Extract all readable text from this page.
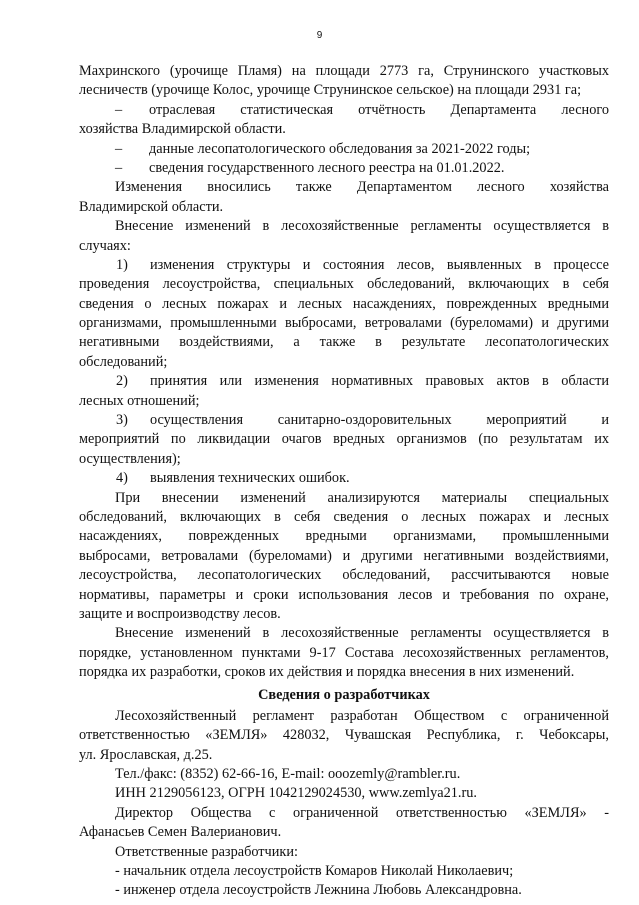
9
Махринского (урочище Пламя) на площади 2773 га, Струнинского участковых
лесничеств (урочище Колос, урочище Струнинское сельское) на площади 2931 га;
– отраслевая статистическая отчётность Департамента лесного
хозяйства Владимирской области.
– данные лесопатологического обследования за 2021-2022 годы;
– сведения государственного лесного реестра на 01.01.2022.
Изменения вносились также Департаментом лесного хозяйства
Владимирской области.
Внесение изменений в лесохозяйственные регламенты осуществляется в
случаях:
1) изменения структуры и состояния лесов, выявленных в процессе
проведения лесоустройства, специальных обследований, включающих в себя
сведения о лесных пожарах и лесных насаждениях, поврежденных вредными
организмами, промышленными выбросами, ветровалами (буреломами) и другими
негативными воздействиями, а также в результате лесопатологических
обследований;
2) принятия или изменения нормативных правовых актов в области
лесных отношений;
3) осуществления санитарно-оздоровительных мероприятий и
мероприятий по ликвидации очагов вредных организмов (по результатам их
осуществления);
4) выявления технических ошибок.
При внесении изменений анализируются материалы специальных
обследований, включающих в себя сведения о лесных пожарах и лесных
насаждениях, поврежденных вредными организмами, промышленными
выбросами, ветровалами (буреломами) и другими негативными воздействиями,
лесоустройства, лесопатологических обследований, рассчитываются новые
нормативы, параметры и сроки использования лесов и требования по охране,
защите и воспроизводству лесов.
Внесение изменений в лесохозяйственные регламенты осуществляется в
порядке, установленном пунктами 9-17 Состава лесохозяйственных регламентов,
порядка их разработки, сроков их действия и порядка внесения в них изменений.
Сведения о разработчиках
Лесохозяйственный регламент разработан Обществом с ограниченной
ответственностью «ЗЕМЛЯ» 428032, Чувашская Республика, г. Чебоксары,
ул. Ярославская, д.25.
Тел./факс: (8352) 62-66-16, E-mail: ooozemly@rambler.ru.
ИНН 2129056123, ОГРН 1042129024530, www.zemlya21.ru.
Директор Общества с ограниченной ответственностью «ЗЕМЛЯ» -
Афанасьев Семен Валерианович.
Ответственные разработчики:
- начальник отдела лесоустройств Комаров Николай Николаевич;
- инженер отдела лесоустройств Лежнина Любовь Александровна.
